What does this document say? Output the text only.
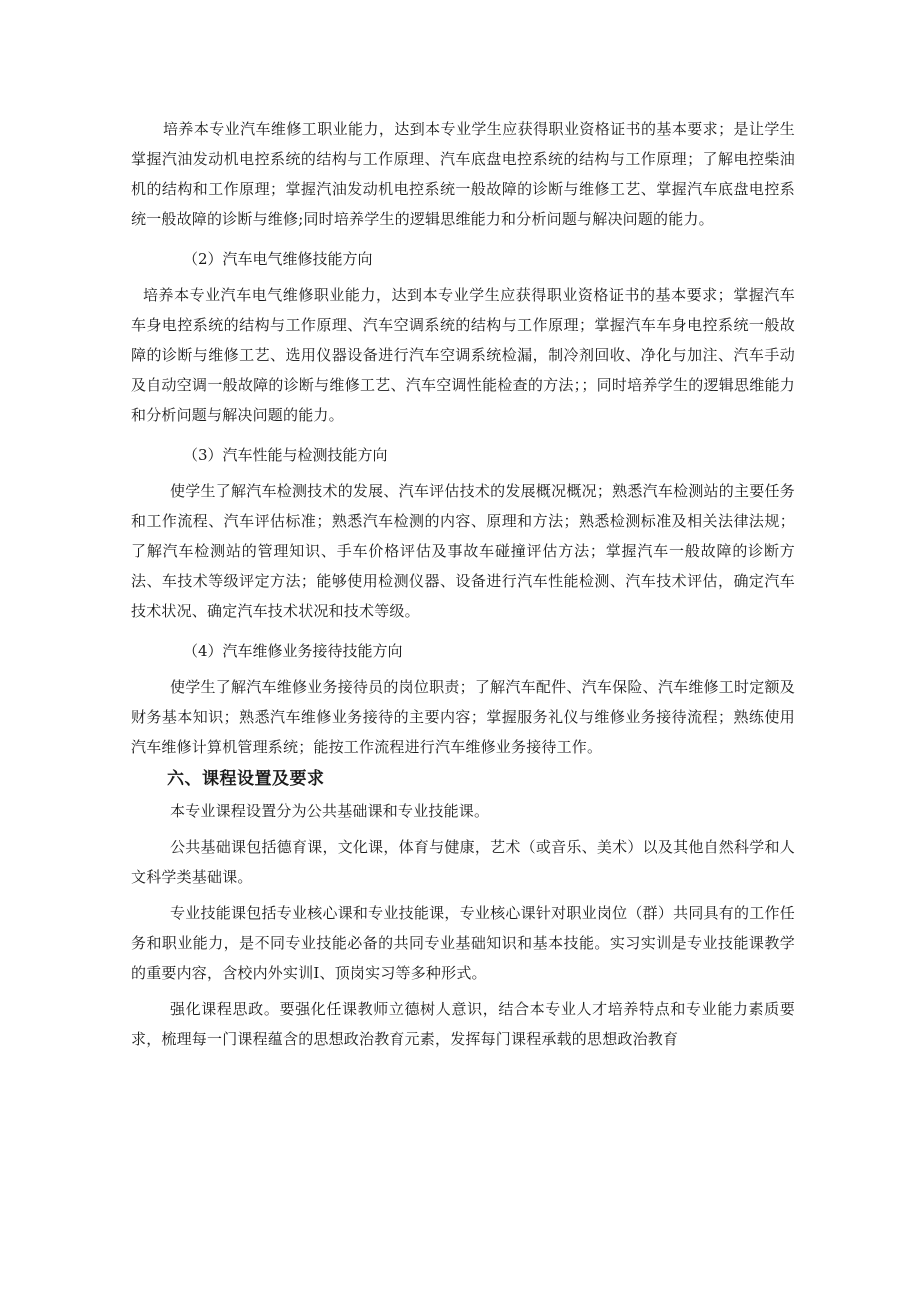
培养本专业汽车维修工职业能力，达到本专业学生应获得职业资格证书的基本要求；是让学生掌握汽油发动机电控系统的结构与工作原理、汽车底盘电控系统的结构与工作原理；了解电控柴油机的结构和工作原理；掌握汽油发动机电控系统一般故障的诊断与维修工艺、掌握汽车底盘电控系统一般故障的诊断与维修;同时培养学生的逻辑思维能力和分析问题与解决问题的能力。

（2）汽车电气维修技能方向

培养本专业汽车电气维修职业能力，达到本专业学生应获得职业资格证书的基本要求；掌握汽车车身电控系统的结构与工作原理、汽车空调系统的结构与工作原理；掌握汽车车身电控系统一般故障的诊断与维修工艺、选用仪器设备进行汽车空调系统检漏，制冷剂回收、净化与加注、汽车手动及自动空调一般故障的诊断与维修工艺、汽车空调性能检查的方法；；同时培养学生的逻辑思维能力和分析问题与解决问题的能力。

（3）汽车性能与检测技能方向

使学生了解汽车检测技术的发展、汽车评估技术的发展概况概况；熟悉汽车检测站的主要任务和工作流程、汽车评估标准；熟悉汽车检测的内容、原理和方法；熟悉检测标准及相关法律法规；了解汽车检测站的管理知识、手车价格评估及事故车碰撞评估方法；掌握汽车一般故障的诊断方法、车技术等级评定方法；能够使用检测仪器、设备进行汽车性能检测、汽车技术评估，确定汽车技术状况、确定汽车技术状况和技术等级。

（4）汽车维修业务接待技能方向

使学生了解汽车维修业务接待员的岗位职责；了解汽车配件、汽车保险、汽车维修工时定额及财务基本知识；熟悉汽车维修业务接待的主要内容；掌握服务礼仪与维修业务接待流程；熟练使用汽车维修计算机管理系统；能按工作流程进行汽车维修业务接待工作。

六、课程设置及要求

本专业课程设置分为公共基础课和专业技能课。

公共基础课包括德育课，文化课，体育与健康，艺术（或音乐、美术）以及其他自然科学和人文科学类基础课。

专业技能课包括专业核心课和专业技能课，专业核心课针对职业岗位（群）共同具有的工作任务和职业能力，是不同专业技能必备的共同专业基础知识和基本技能。实习实训是专业技能课教学的重要内容，含校内外实训I、顶岗实习等多种形式。

强化课程思政。要强化任课教师立德树人意识，结合本专业人才培养特点和专业能力素质要求，梳理每一门课程蕴含的思想政治教育元素，发挥每门课程承载的思想政治教育
